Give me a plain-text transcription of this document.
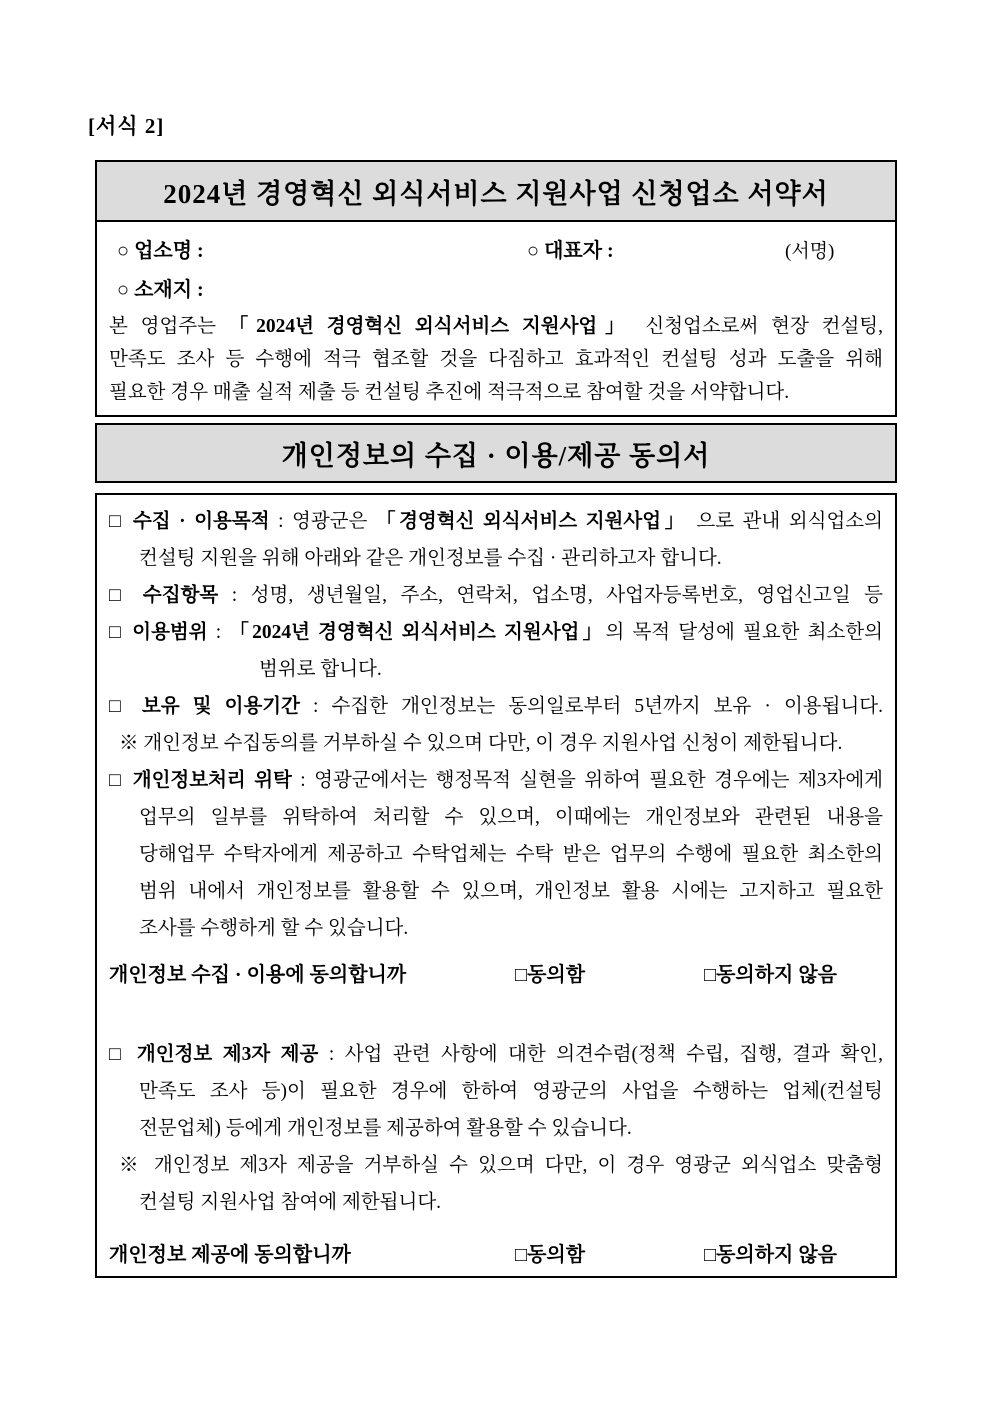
[서식 2]
2024년 경영혁신 외식서비스 지원사업 신청업소 서약서
○ 업소명 :	○ 대표자 :	(서명)
○ 소재지 :
본 영업주는 「2024년 경영혁신 외식서비스 지원사업」 신청업소로써 현장 컨설팅,
만족도 조사 등 수행에 적극 협조할 것을 다짐하고 효과적인 컨설팅 성과 도출을 위해
필요한 경우 매출 실적 제출 등 컨설팅 추진에 적극적으로 참여할 것을 서약합니다.
개인정보의 수집 · 이용/제공 동의서
□ 수집 · 이용목적 : 영광군은 「경영혁신 외식서비스 지원사업」 으로 관내 외식업소의
컨설팅 지원을 위해 아래와 같은 개인정보를 수집 · 관리하고자 합니다.
□ 수집항목 : 성명, 생년월일, 주소, 연락처, 업소명, 사업자등록번호, 영업신고일 등
□ 이용범위 : 「2024년 경영혁신 외식서비스 지원사업」의 목적 달성에 필요한 최소한의
범위로 합니다.
□ 보유 및 이용기간 : 수집한 개인정보는 동의일로부터 5년까지 보유 · 이용됩니다.
※ 개인정보 수집동의를 거부하실 수 있으며 다만, 이 경우 지원사업 신청이 제한됩니다.
□ 개인정보처리 위탁 : 영광군에서는 행정목적 실현을 위하여 필요한 경우에는 제3자에게
업무의 일부를 위탁하여 처리할 수 있으며, 이때에는 개인정보와 관련된 내용을
당해업무 수탁자에게 제공하고 수탁업체는 수탁 받은 업무의 수행에 필요한 최소한의
범위 내에서 개인정보를 활용할 수 있으며, 개인정보 활용 시에는 고지하고 필요한
조사를 수행하게 할 수 있습니다.
개인정보 수집 · 이용에 동의합니까	□동의함	□동의하지 않음
□ 개인정보 제3자 제공 : 사업 관련 사항에 대한 의견수렴(정책 수립, 집행, 결과 확인,
만족도 조사 등)이 필요한 경우에 한하여 영광군의 사업을 수행하는 업체(컨설팅
전문업체) 등에게 개인정보를 제공하여 활용할 수 있습니다.
※ 개인정보 제3자 제공을 거부하실 수 있으며 다만, 이 경우 영광군 외식업소 맞춤형
컨설팅 지원사업 참여에 제한됩니다.
개인정보 제공에 동의합니까	□동의함	□동의하지 않음
